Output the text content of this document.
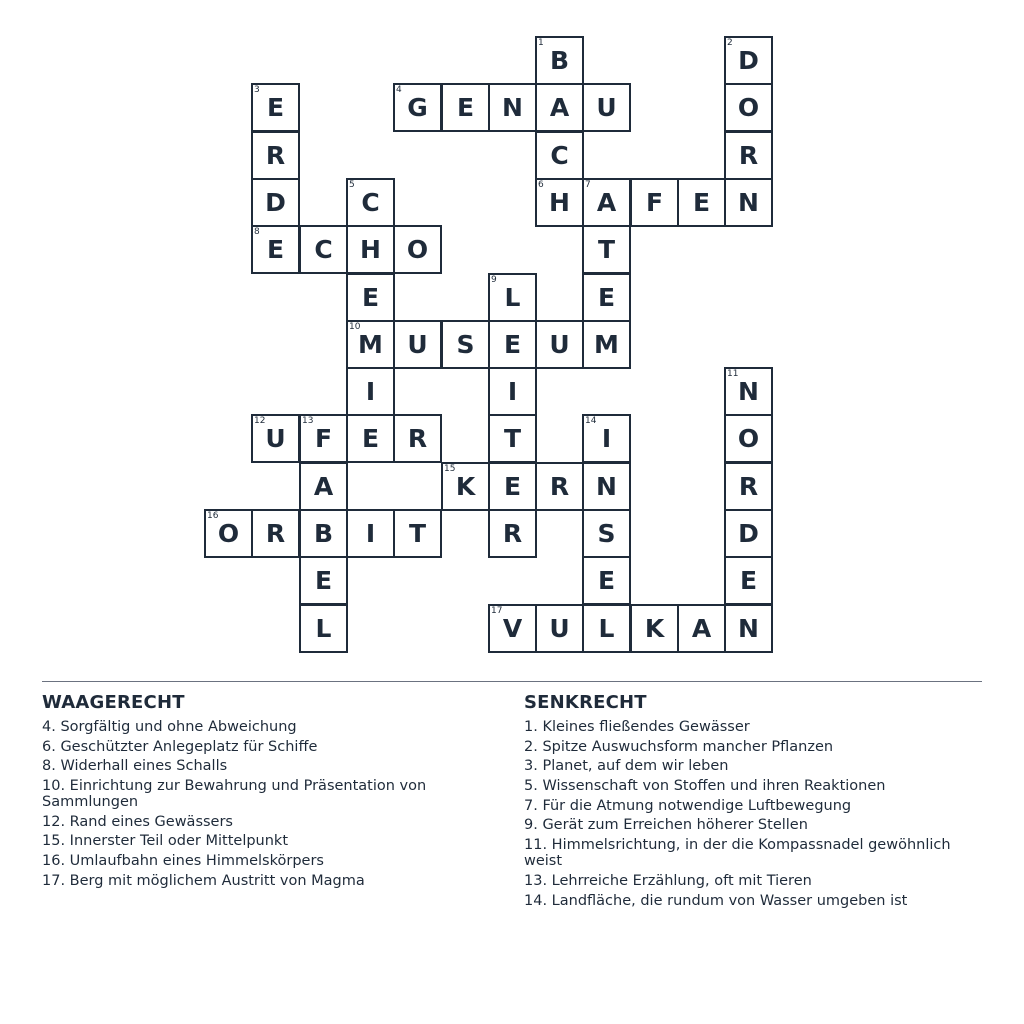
1
B
2
D
3
E
4
G	E	N	A	U	O
R	C	R
D
5
C
6
H
7
A	F	E	N
8
E	C	H	O	T
E
9
L	E
10
M U	S	E	U M
I	I
11
N
12
U
13
F	E	R	T
14
I	O
A
15
K	E	R	N	R
16
O	R	B	I	T	R	S	D
E	E	E
L
17
V	U	L	K	A	N
WAAGERECHT
4. Sorgfältig und ohne Abweichung
6. Geschützter Anlegeplatz für Schiffe
8. Widerhall eines Schalls
10. Einrichtung zur Bewahrung und Präsentation von Sammlungen
12. Rand eines Gewässers
15. Innerster Teil oder Mittelpunkt
16. Umlaufbahn eines Himmelskörpers
17. Berg mit möglichem Austritt von Magma
SENKRECHT
1. Kleines fließendes Gewässer
2. Spitze Auswuchsform mancher Pflanzen
3. Planet, auf dem wir leben
5. Wissenschaft von Stoffen und ihren Reaktionen
7. Für die Atmung notwendige Luftbewegung
9. Gerät zum Erreichen höherer Stellen
11. Himmelsrichtung, in der die Kompassnadel gewöhnlich weist
13. Lehrreiche Erzählung, oft mit Tieren
14. Landfläche, die rundum von Wasser umgeben ist
